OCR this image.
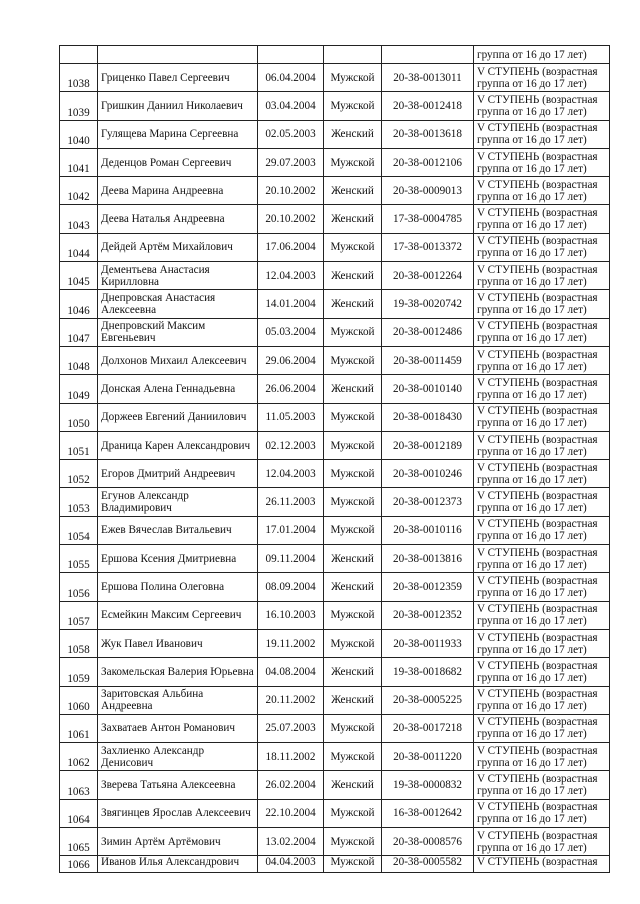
					группа от 16 до 17 лет)

1038	Гриценко Павел Сергеевич	06.04.2004	Мужской	20-38-0013011	V СТУПЕНЬ (возрастная
группа от 16 до 17 лет)

1039	Гришкин Даниил Николаевич	03.04.2004	Мужской	20-38-0012418	V СТУПЕНЬ (возрастная
группа от 16 до 17 лет)

1040	Гулящева Марина Сергеевна	02.05.2003	Женский	20-38-0013618	V СТУПЕНЬ (возрастная
группа от 16 до 17 лет)

1041	Деденцов Роман Сергеевич	29.07.2003	Мужской	20-38-0012106	V СТУПЕНЬ (возрастная
группа от 16 до 17 лет)

1042	Деева Марина Андреевна	20.10.2002	Женский	20-38-0009013	V СТУПЕНЬ (возрастная
группа от 16 до 17 лет)

1043	Деева Наталья Андреевна	20.10.2002	Женский	17-38-0004785	V СТУПЕНЬ (возрастная
группа от 16 до 17 лет)

1044	Дейдей Артём Михайлович	17.06.2004	Мужской	17-38-0013372	V СТУПЕНЬ (возрастная
группа от 16 до 17 лет)

1045	Дементьева Анастасия Кирилловна	12.04.2003	Женский	20-38-0012264	V СТУПЕНЬ (возрастная
группа от 16 до 17 лет)

1046	Днепровская Анастасия Алексеевна	14.01.2004	Женский	19-38-0020742	V СТУПЕНЬ (возрастная
группа от 16 до 17 лет)

1047	Днепровский Максим Евгеньевич	05.03.2004	Мужской	20-38-0012486	V СТУПЕНЬ (возрастная
группа от 16 до 17 лет)

1048	Долхонов Михаил Алексеевич	29.06.2004	Мужской	20-38-0011459	V СТУПЕНЬ (возрастная
группа от 16 до 17 лет)

1049	Донская Алена Геннадьевна	26.06.2004	Женский	20-38-0010140	V СТУПЕНЬ (возрастная
группа от 16 до 17 лет)

1050	Доржеев Евгений Даниилович	11.05.2003	Мужской	20-38-0018430	V СТУПЕНЬ (возрастная
группа от 16 до 17 лет)

1051	Драница Карен Александрович	02.12.2003	Мужской	20-38-0012189	V СТУПЕНЬ (возрастная
группа от 16 до 17 лет)

1052	Егоров Дмитрий Андреевич	12.04.2003	Мужской	20-38-0010246	V СТУПЕНЬ (возрастная
группа от 16 до 17 лет)

1053	Егунов Александр Владимирович	26.11.2003	Мужской	20-38-0012373	V СТУПЕНЬ (возрастная
группа от 16 до 17 лет)

1054	Ежев Вячеслав Витальевич	17.01.2004	Мужской	20-38-0010116	V СТУПЕНЬ (возрастная
группа от 16 до 17 лет)

1055	Ершова Ксения Дмитриевна	09.11.2004	Женский	20-38-0013816	V СТУПЕНЬ (возрастная
группа от 16 до 17 лет)

1056	Ершова Полина Олеговна	08.09.2004	Женский	20-38-0012359	V СТУПЕНЬ (возрастная
группа от 16 до 17 лет)

1057	Есмейкин Максим Сергеевич	16.10.2003	Мужской	20-38-0012352	V СТУПЕНЬ (возрастная
группа от 16 до 17 лет)

1058	Жук Павел Иванович	19.11.2002	Мужской	20-38-0011933	V СТУПЕНЬ (возрастная
группа от 16 до 17 лет)

1059	Закомельская Валерия Юрьевна	04.08.2004	Женский	19-38-0018682	V СТУПЕНЬ (возрастная
группа от 16 до 17 лет)

1060	Заритовская Альбина Андреевна	20.11.2002	Женский	20-38-0005225	V СТУПЕНЬ (возрастная
группа от 16 до 17 лет)

1061	Захватаев Антон Романович	25.07.2003	Мужской	20-38-0017218	V СТУПЕНЬ (возрастная
группа от 16 до 17 лет)

1062	Захлиенко Александр Денисович	18.11.2002	Мужской	20-38-0011220	V СТУПЕНЬ (возрастная
группа от 16 до 17 лет)

1063	Зверева Татьяна Алексеевна	26.02.2004	Женский	19-38-0000832	V СТУПЕНЬ (возрастная
группа от 16 до 17 лет)

1064	Звягинцев Ярослав Алексеевич	22.10.2004	Мужской	16-38-0012642	V СТУПЕНЬ (возрастная
группа от 16 до 17 лет)

1065	Зимин Артём Артёмович	13.02.2004	Мужской	20-38-0008576	V СТУПЕНЬ (возрастная
группа от 16 до 17 лет)

1066	Иванов Илья Александрович	04.04.2003	Мужской	20-38-0005582	V СТУПЕНЬ (возрастная
